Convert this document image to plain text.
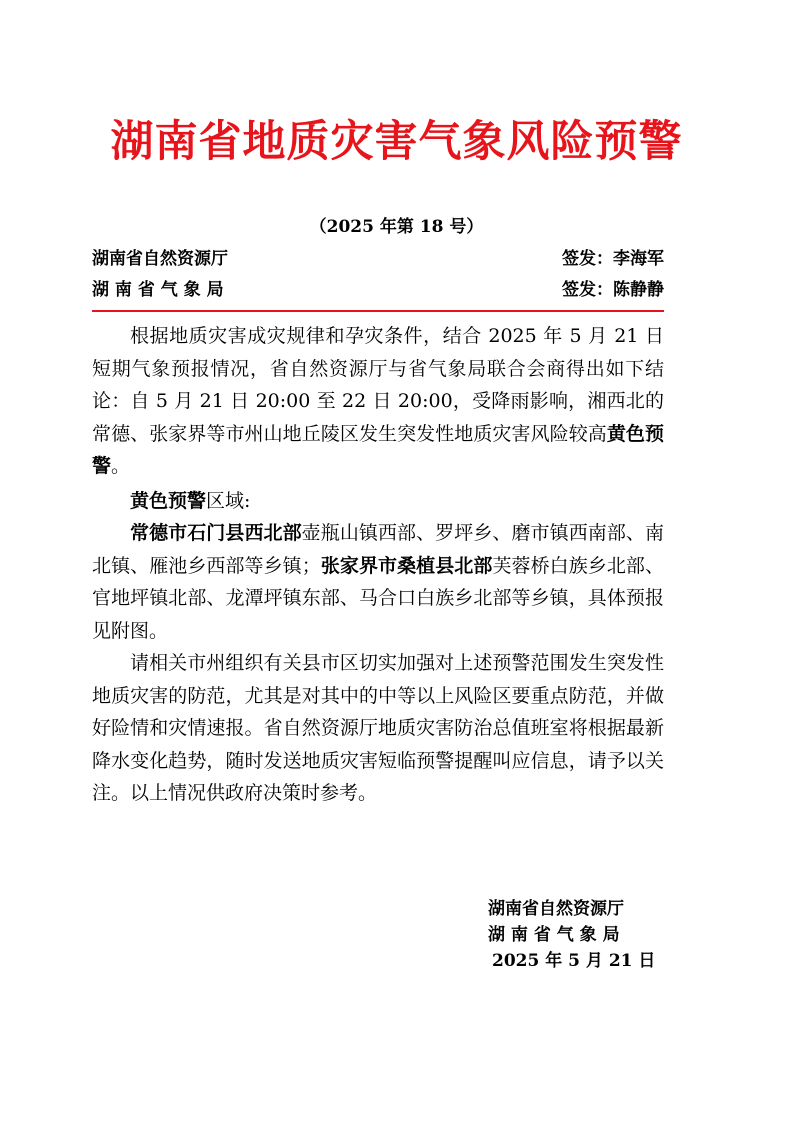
湖南省地质灾害气象风险预警
（2025 年第 18 号）
湖南省自然资源厅	签发：李海军
湖 南 省 气 象 局	签发：陈静静

根据地质灾害成灾规律和孕灾条件，结合 2025 年 5 月 21 日 短期气象预报情况，省自然资源厅与省气象局联合会商得出如下结论：自 5 月 21 日 20:00 至 22 日 20:00，受降雨影响，湘西北的常德、张家界等市州山地丘陵区发生突发性地质灾害风险较高黄色预警。

黄色预警区域:

常德市石门县西北部壶瓶山镇西部、罗坪乡、磨市镇西南部、南北镇、雁池乡西部等乡镇；张家界市桑植县北部芙蓉桥白族乡北部、官地坪镇北部、龙潭坪镇东部、马合口白族乡北部等乡镇，具体预报见附图。

请相关市州组织有关县市区切实加强对上述预警范围发生突发性地质灾害的防范，尤其是对其中的中等以上风险区要重点防范，并做好险情和灾情速报。省自然资源厅地质灾害防治总值班室将根据最新降水变化趋势，随时发送地质灾害短临预警提醒叫应信息，请予以关注。以上情况供政府决策时参考。

湖南省自然资源厅
湖 南 省 气 象 局
2025 年 5 月 21 日
